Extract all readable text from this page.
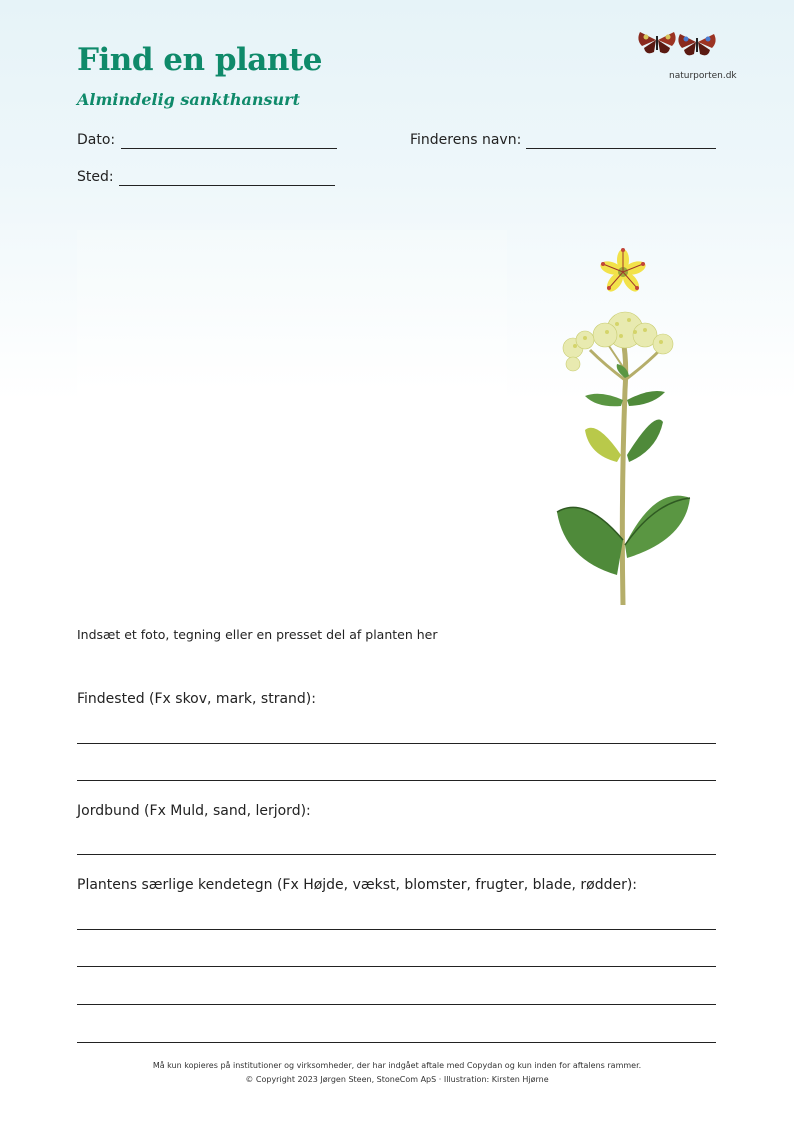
Find en plante
Almindelig sankthansurt
naturporten.dk
Dato:	Finderens navn:
Sted:
Indsæt et foto, tegning eller en presset del af planten her
Findested (Fx skov, mark, strand):
Jordbund (Fx Muld, sand, lerjord):
Plantens særlige kendetegn (Fx Højde, vækst, blomster, frugter, blade, rødder):
Må kun kopieres på institutioner og virksomheder, der har indgået aftale med Copydan og kun inden for aftalens rammer.
© Copyright 2023 Jørgen Steen, StoneCom ApS · Illustration: Kirsten Hjørne
